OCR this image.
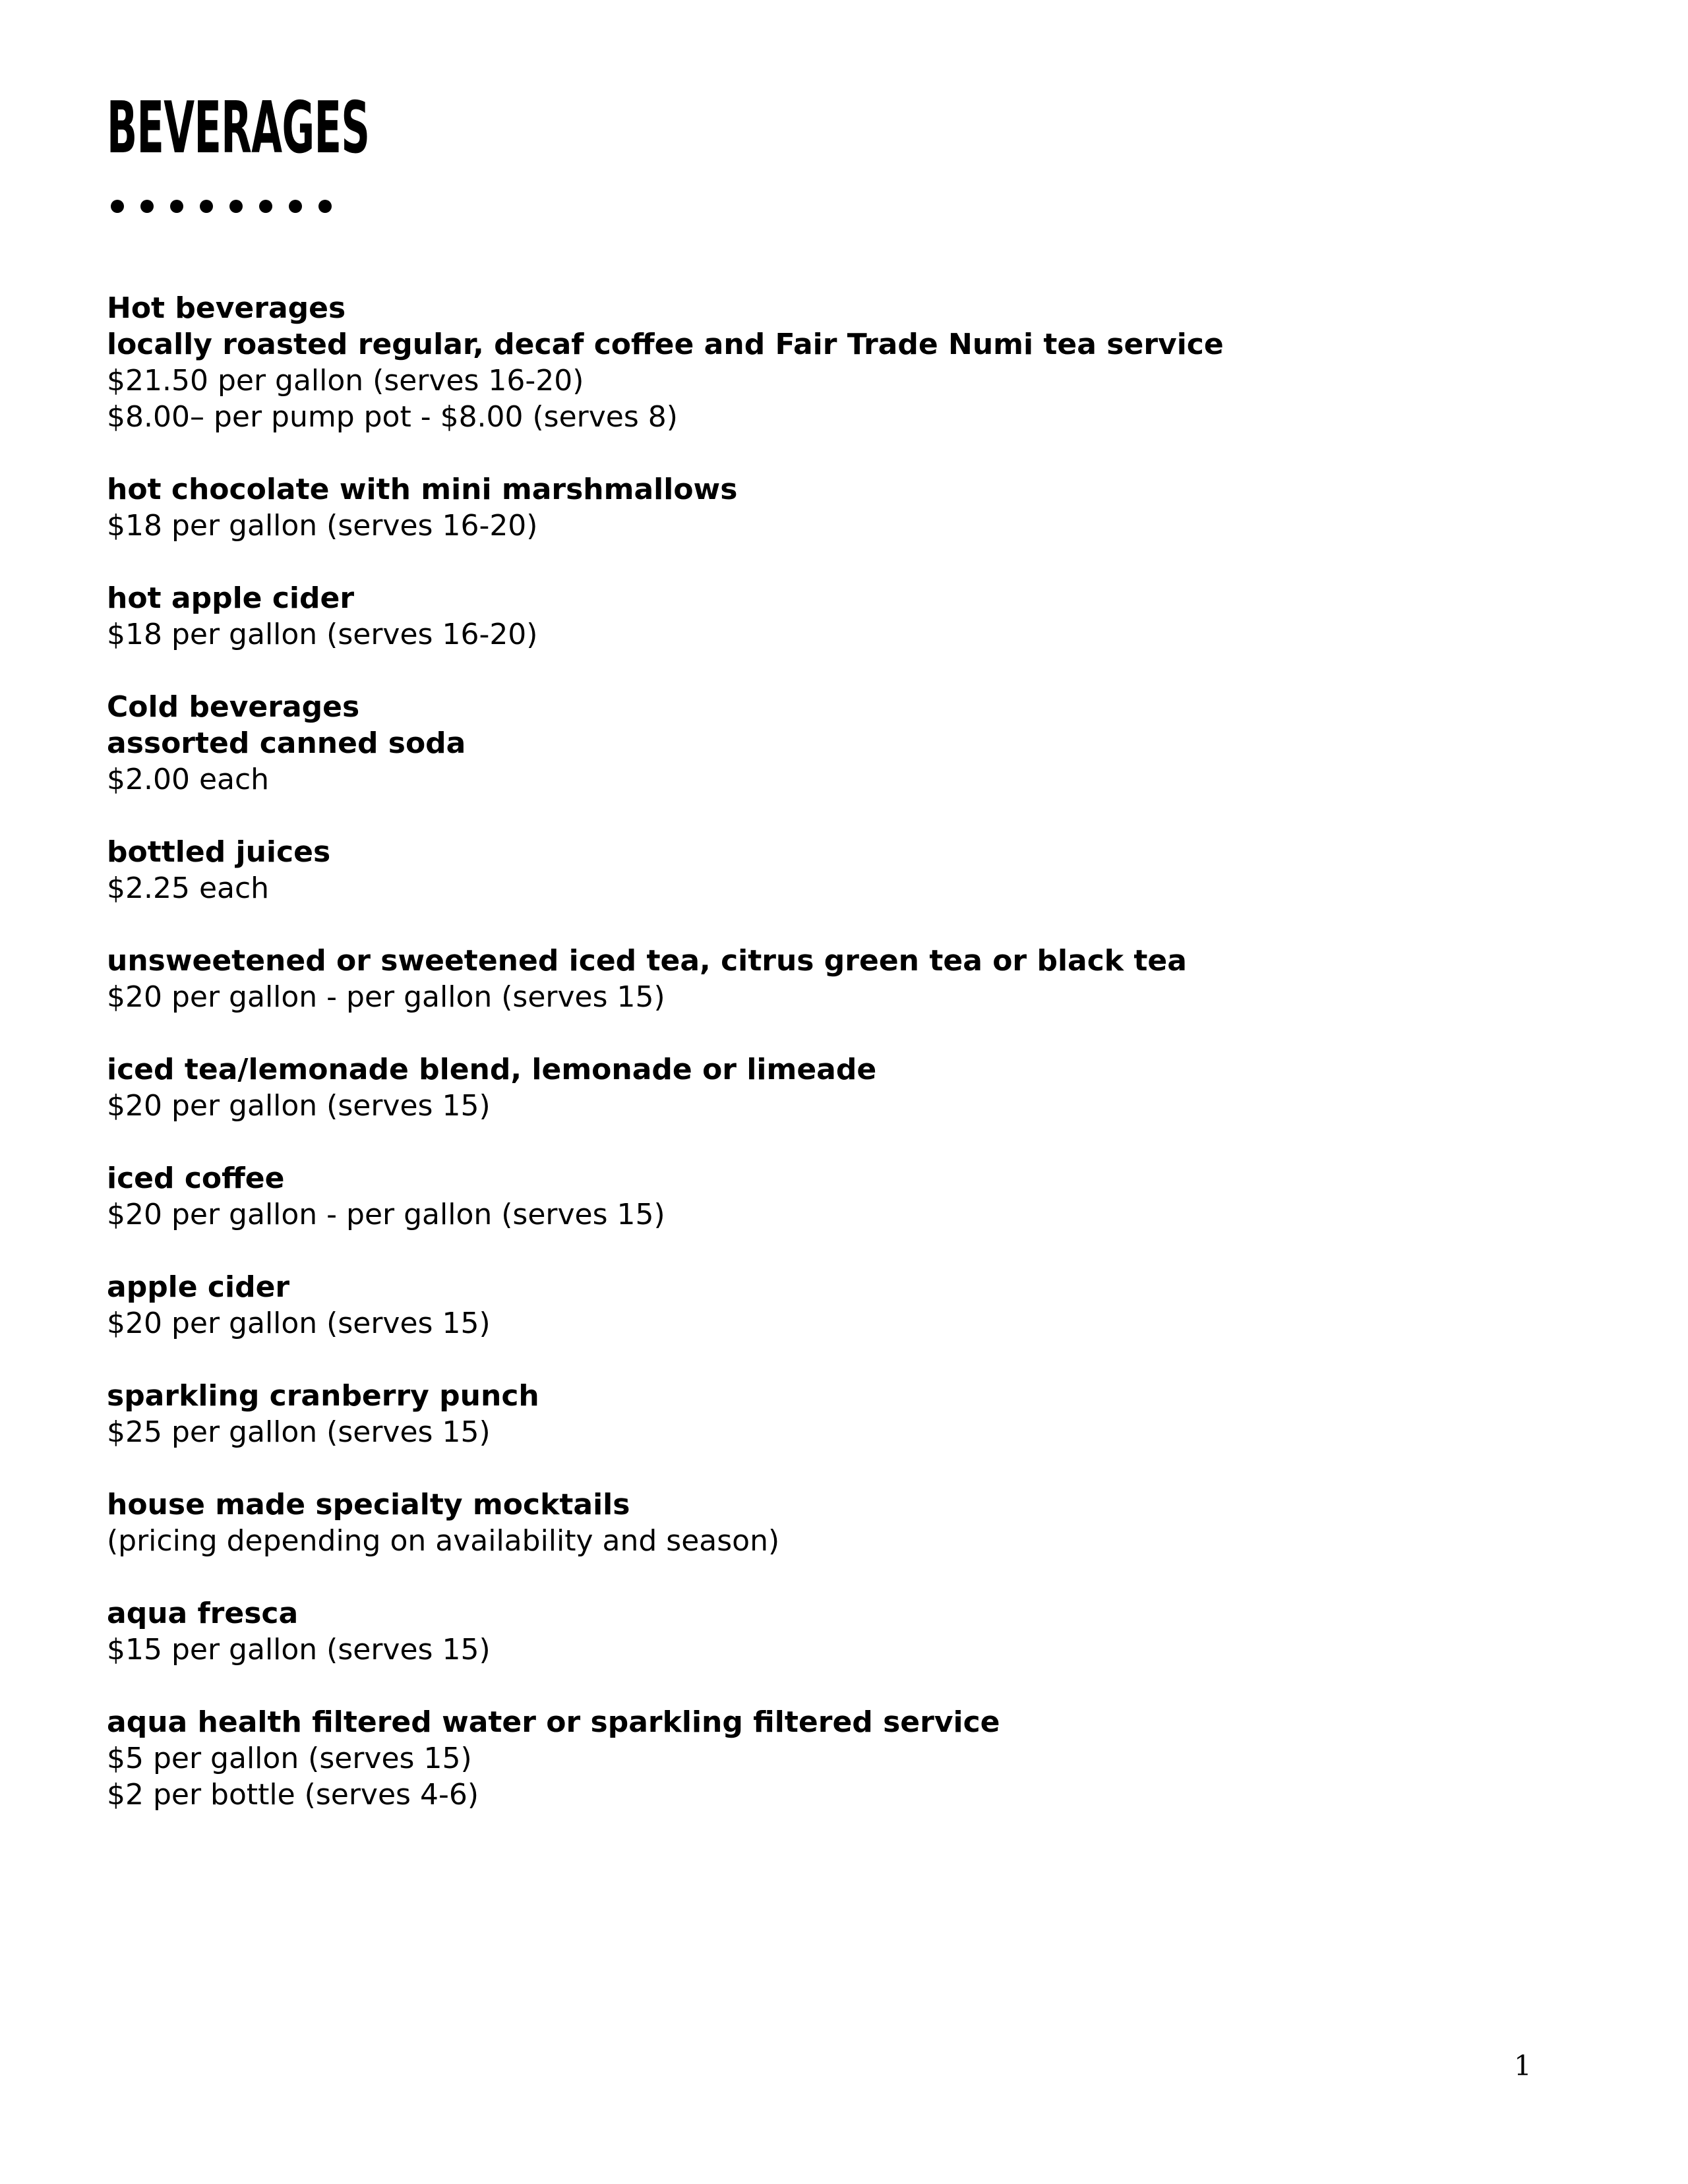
BEVERAGES
Hot beverages
locally roasted regular, decaf coffee and Fair Trade Numi tea service
$21.50 per gallon (serves 16-20)
$8.00– per pump pot - $8.00 (serves 8)
hot chocolate with mini marshmallows
$18 per gallon (serves 16-20)
hot apple cider
$18 per gallon (serves 16-20)
Cold beverages
assorted canned soda
$2.00 each
bottled juices
$2.25 each
unsweetened or sweetened iced tea, citrus green tea or black tea
$20 per gallon - per gallon (serves 15)
iced tea/lemonade blend, lemonade or limeade
$20 per gallon (serves 15)
iced coffee
$20 per gallon - per gallon (serves 15)
apple cider
$20 per gallon (serves 15)
sparkling cranberry punch
$25 per gallon (serves 15)
house made specialty mocktails
(pricing depending on availability and season)
aqua fresca
$15 per gallon (serves 15)
aqua health filtered water or sparkling filtered service
$5 per gallon (serves 15)
$2 per bottle (serves 4-6)
1
